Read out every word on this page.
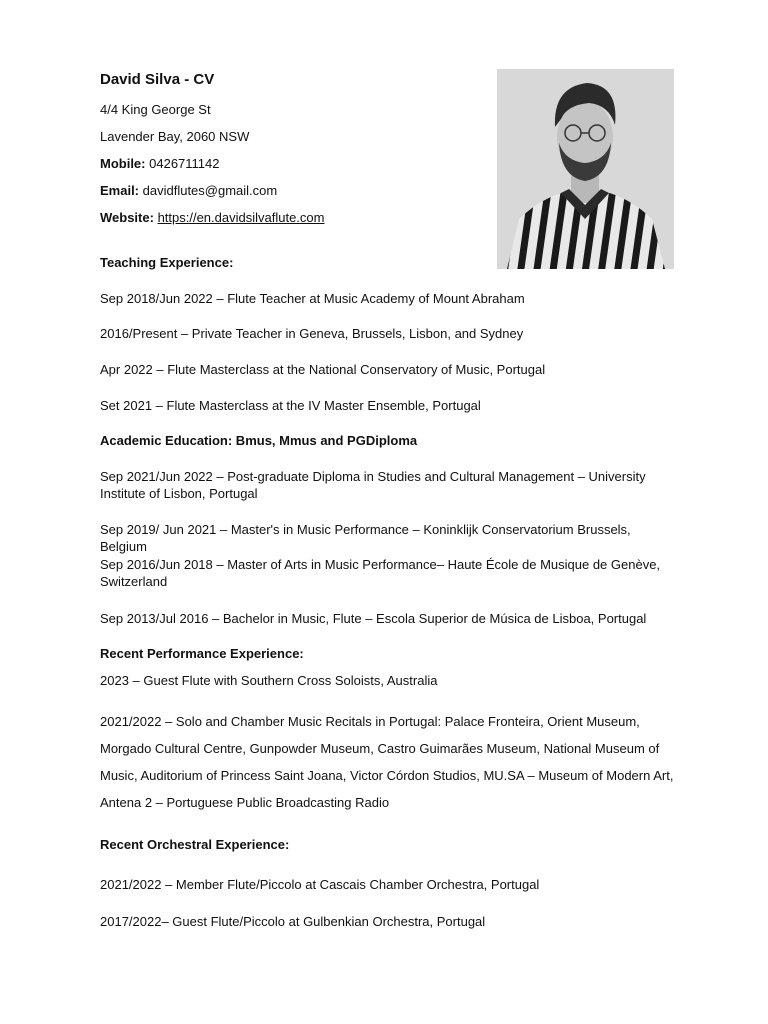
David Silva - CV
4/4 King George St
Lavender Bay, 2060 NSW
Mobile: 0426711142
Email: davidflutes@gmail.com
Website: https://en.davidsilvaflute.com
Teaching Experience:
Sep 2018/Jun 2022 – Flute Teacher at Music Academy of Mount Abraham
2016/Present – Private Teacher in Geneva, Brussels, Lisbon, and Sydney
Apr 2022 – Flute Masterclass at the National Conservatory of Music, Portugal
Set 2021 – Flute Masterclass at the IV Master Ensemble, Portugal
Academic Education: Bmus, Mmus and PGDiploma
Sep 2021/Jun 2022 – Post-graduate Diploma in Studies and Cultural Management – University Institute of Lisbon, Portugal
Sep 2019/ Jun 2021 – Master's in Music Performance – Koninklijk Conservatorium Brussels, Belgium
Sep 2016/Jun 2018 – Master of Arts in Music Performance– Haute École de Musique de Genève, Switzerland
Sep 2013/Jul 2016 – Bachelor in Music, Flute – Escola Superior de Música de Lisboa, Portugal
Recent Performance Experience:
2023 – Guest Flute with Southern Cross Soloists, Australia
2021/2022 – Solo and Chamber Music Recitals in Portugal: Palace Fronteira, Orient Museum, Morgado Cultural Centre, Gunpowder Museum, Castro Guimarães Museum, National Museum of Music, Auditorium of Princess Saint Joana, Victor Córdon Studios, MU.SA – Museum of Modern Art, Antena 2 – Portuguese Public Broadcasting Radio
Recent Orchestral Experience:
2021/2022 – Member Flute/Piccolo at Cascais Chamber Orchestra, Portugal
2017/2022– Guest Flute/Piccolo at Gulbenkian Orchestra, Portugal
